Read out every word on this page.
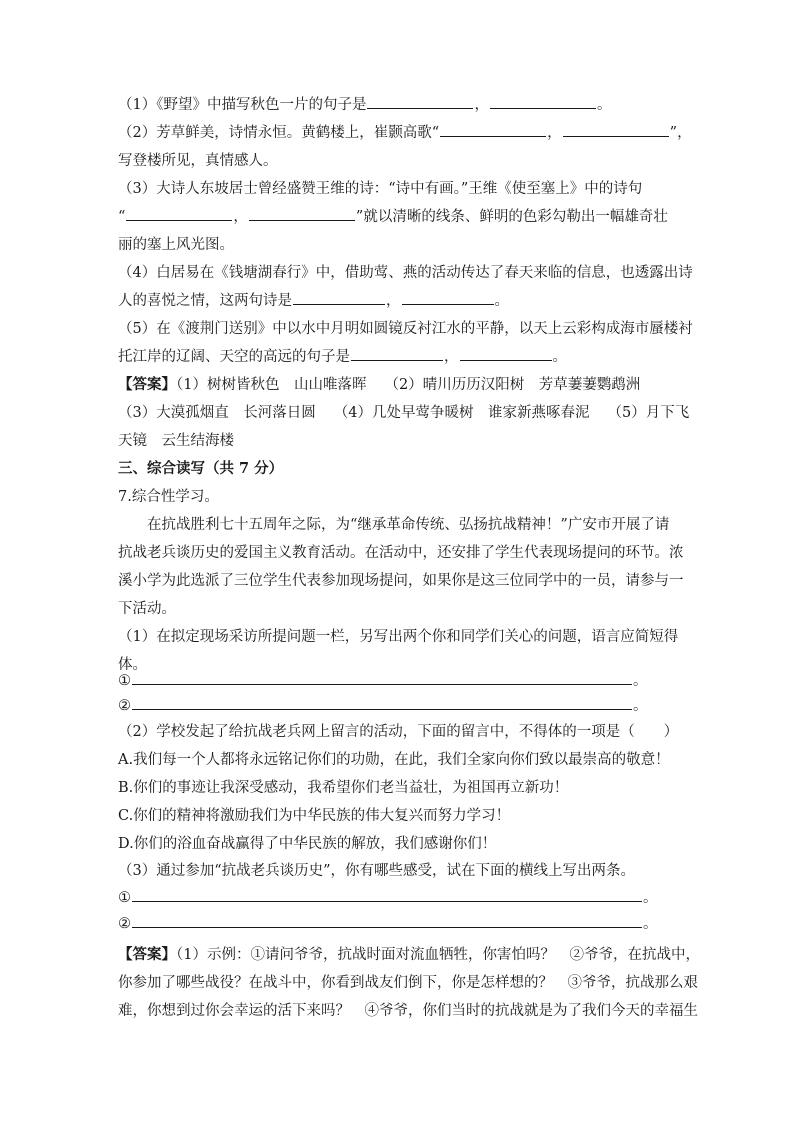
（1）《野望》中描写秋色一片的句子是	，	。
（2）芳草鲜美，诗情永恒。黄鹤楼上，崔颢高歌“	，	”，
写登楼所见，真情感人。
（3）大诗人东坡居士曾经盛赞王维的诗：“诗中有画。”王维《使至塞上》中的诗句
“	，	”就以清晰的线条、鲜明的色彩勾勒出一幅雄奇壮
丽的塞上风光图。
（4）白居易在《钱塘湖春行》中，借助莺、燕的活动传达了春天来临的信息，也透露出诗
人的喜悦之情，这两句诗是	，	。
（5）在《渡荆门送别》中以水中月明如圆镜反衬江水的平静，以天上云彩构成海市蜃楼衬
托江岸的辽阔、天空的高远的句子是	，	。
【答案】（1）树树皆秋色　山山唯落晖 （2）晴川历历汉阳树　芳草萋萋鹦鹉洲
（3）大漠孤烟直　长河落日圆 （4）几处早莺争暖树　谁家新燕啄春泥 （5）月下飞
天镜　云生结海楼
三、综合读写（共 7 分）
7.综合性学习。
在抗战胜利七十五周年之际，为“继承革命传统、弘扬抗战精神！”广安市开展了请
抗战老兵谈历史的爱国主义教育活动。在活动中，还安排了学生代表现场提问的环节。浓
溪小学为此选派了三位学生代表参加现场提问，如果你是这三位同学中的一员，请参与一
下活动。
（1）在拟定现场采访所提问题一栏，另写出两个你和同学们关心的问题，语言应简短得
体。
①	。
②	。
（2）学校发起了给抗战老兵网上留言的活动，下面的留言中，不得体的一项是（　　）
A.我们每一个人都将永远铭记你们的功勋，在此，我们全家向你们致以最崇高的敬意！
B.你们的事迹让我深受感动，我希望你们老当益壮，为祖国再立新功！
C.你们的精神将激励我们为中华民族的伟大复兴而努力学习！
D.你们的浴血奋战赢得了中华民族的解放，我们感谢你们！
（3）通过参加“抗战老兵谈历史”，你有哪些感受，试在下面的横线上写出两条。
①	。
②	。
【答案】（1）示例：①请问爷爷，抗战时面对流血牺牲，你害怕吗？　②爷爷，在抗战中，
你参加了哪些战役？在战斗中，你看到战友们倒下，你是怎样想的？　③爷爷，抗战那么艰
难，你想到过你会幸运的活下来吗？　④爷爷，你们当时的抗战就是为了我们今天的幸福生
